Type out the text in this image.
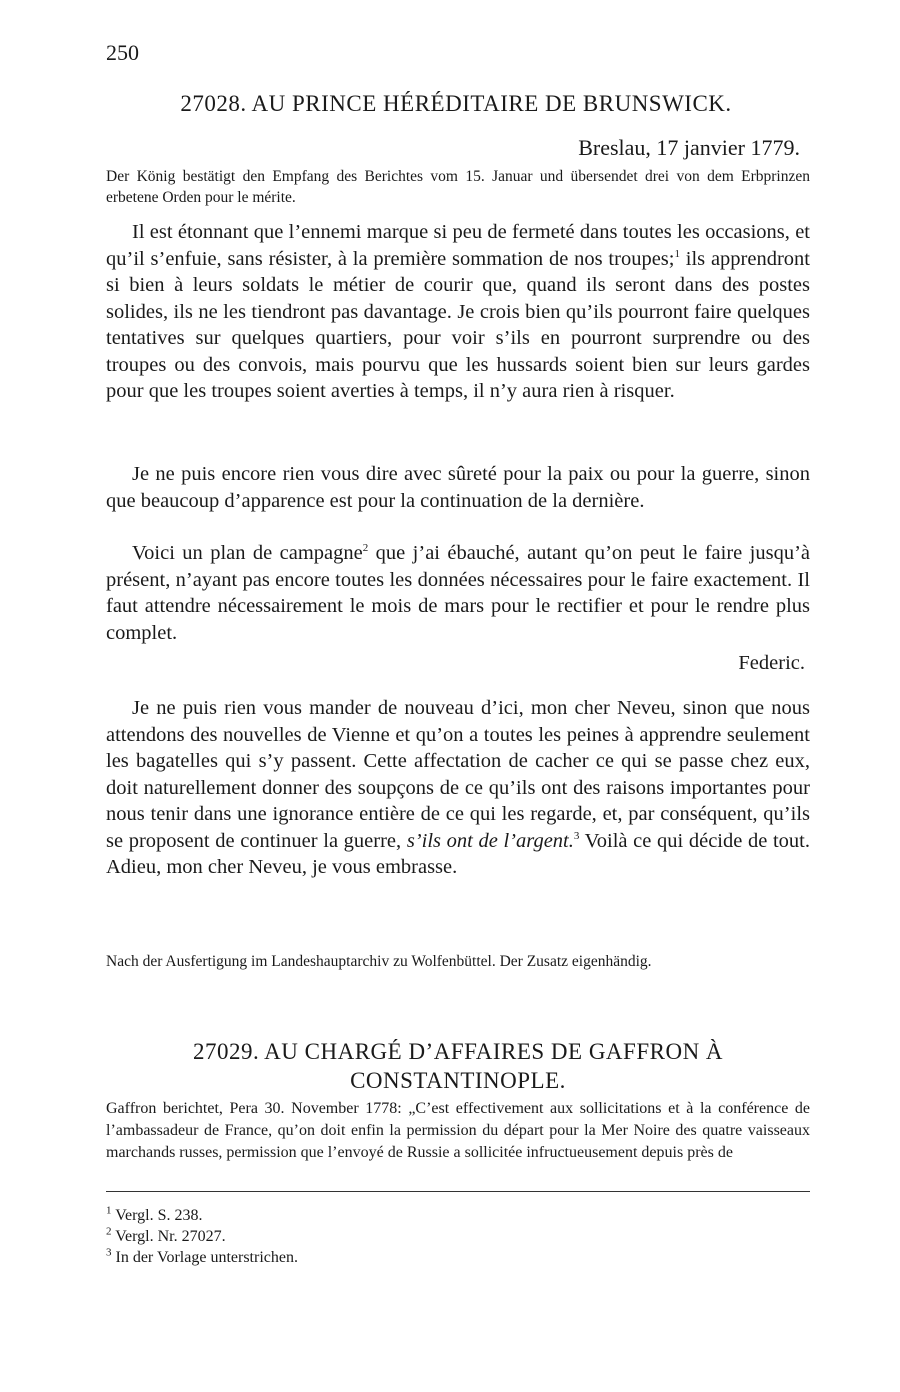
250
27028. AU PRINCE HÉRÉDITAIRE DE BRUNSWICK.
Breslau, 17 janvier 1779.
Der König bestätigt den Empfang des Berichtes vom 15. Januar und übersendet drei von dem Erbprinzen erbetene Orden pour le mérite.

Il est étonnant que l’ennemi marque si peu de fermeté dans toutes les occasions, et qu’il s’enfuie, sans résister, à la première sommation de nos troupes;$^1$ ils apprendront si bien à leurs soldats le métier de courir que, quand ils seront dans des postes solides, ils ne les tiendront pas davantage. Je crois bien qu’ils pourront faire quelques tentatives sur quelques quartiers, pour voir s’ils en pourront surprendre ou des troupes ou des convois, mais pourvu que les hussards soient bien sur leurs gardes pour que les troupes soient averties à temps, il n’y aura rien à risquer.

Je ne puis encore rien vous dire avec sûreté pour la paix ou pour la guerre, sinon que beaucoup d’apparence est pour la continuation de la dernière.

Voici un plan de campagne$^2$ que j’ai ébauché, autant qu’on peut le faire jusqu’à présent, n’ayant pas encore toutes les données nécessaires pour le faire exactement. Il faut attendre nécessairement le mois de mars pour le rectifier et pour le rendre plus complet.

Federic.

Je ne puis rien vous mander de nouveau d’ici, mon cher Neveu, sinon que nous attendons des nouvelles de Vienne et qu’on a toutes les peines à apprendre seulement les bagatelles qui s’y passent. Cette affectation de cacher ce qui se passe chez eux, doit naturellement donner des soupçons de ce qu’ils ont des raisons importantes pour nous tenir dans une ignorance entière de ce qui les regarde, et, par conséquent, qu’ils se proposent de continuer la guerre, s’ils ont de l’argent.$^3$ Voilà ce qui décide de tout. Adieu, mon cher Neveu, je vous embrasse.

Nach der Ausfertigung im Landeshauptarchiv zu Wolfenbüttel. Der Zusatz eigenhändig.
27029. AU CHARGÉ D’AFFAIRES DE GAFFRON À CONSTANTINOPLE.
Gaffron berichtet, Pera 30. November 1778: „C’est effectivement aux sollicitations et à la conférence de l’ambassadeur de France, qu’on doit enfin la permission du départ pour la Mer Noire des quatre vaisseaux marchands russes, permission que l’envoyé de Russie a sollicitée infructueusement depuis près de
$^1$ Vergl. S. 238.
$^2$ Vergl. Nr. 27027.
$^3$ In der Vorlage unterstrichen.
